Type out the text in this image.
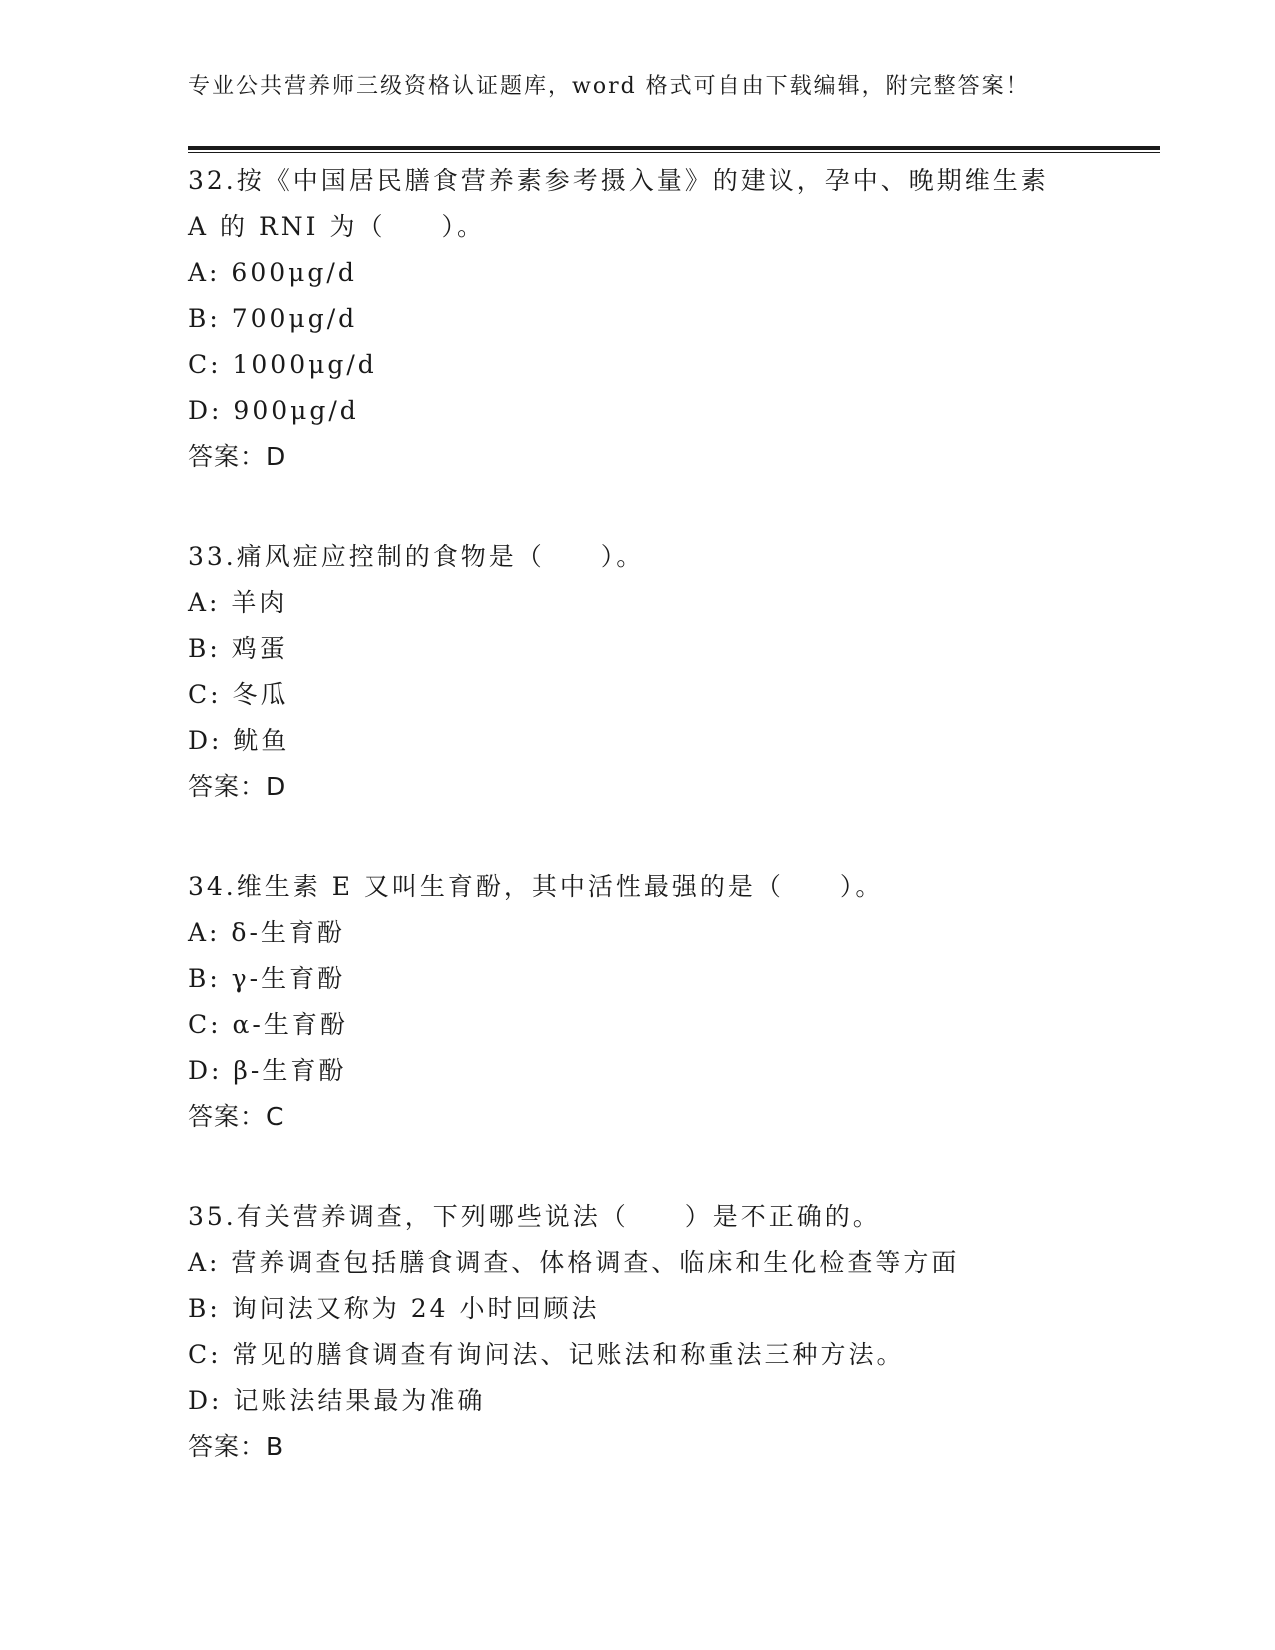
专业公共营养师三级资格认证题库，word 格式可自由下载编辑，附完整答案！
32.按《中国居民膳食营养素参考摄入量》的建议，孕中、晚期维生素
A 的 RNI 为（　　）。
A: 600μg/d
B: 700μg/d
C: 1000μg/d
D: 900μg/d
答案：D
33.痛风症应控制的食物是（　　）。
A: 羊肉
B: 鸡蛋
C: 冬瓜
D: 鱿鱼
答案：D
34.维生素 E 又叫生育酚，其中活性最强的是（　　）。
A: δ-生育酚
B: γ-生育酚
C: α-生育酚
D: β-生育酚
答案：C
35.有关营养调查，下列哪些说法（　　）是不正确的。
A: 营养调查包括膳食调查、体格调查、临床和生化检查等方面
B: 询问法又称为 24 小时回顾法
C: 常见的膳食调查有询问法、记账法和称重法三种方法。
D: 记账法结果最为准确
答案：B
